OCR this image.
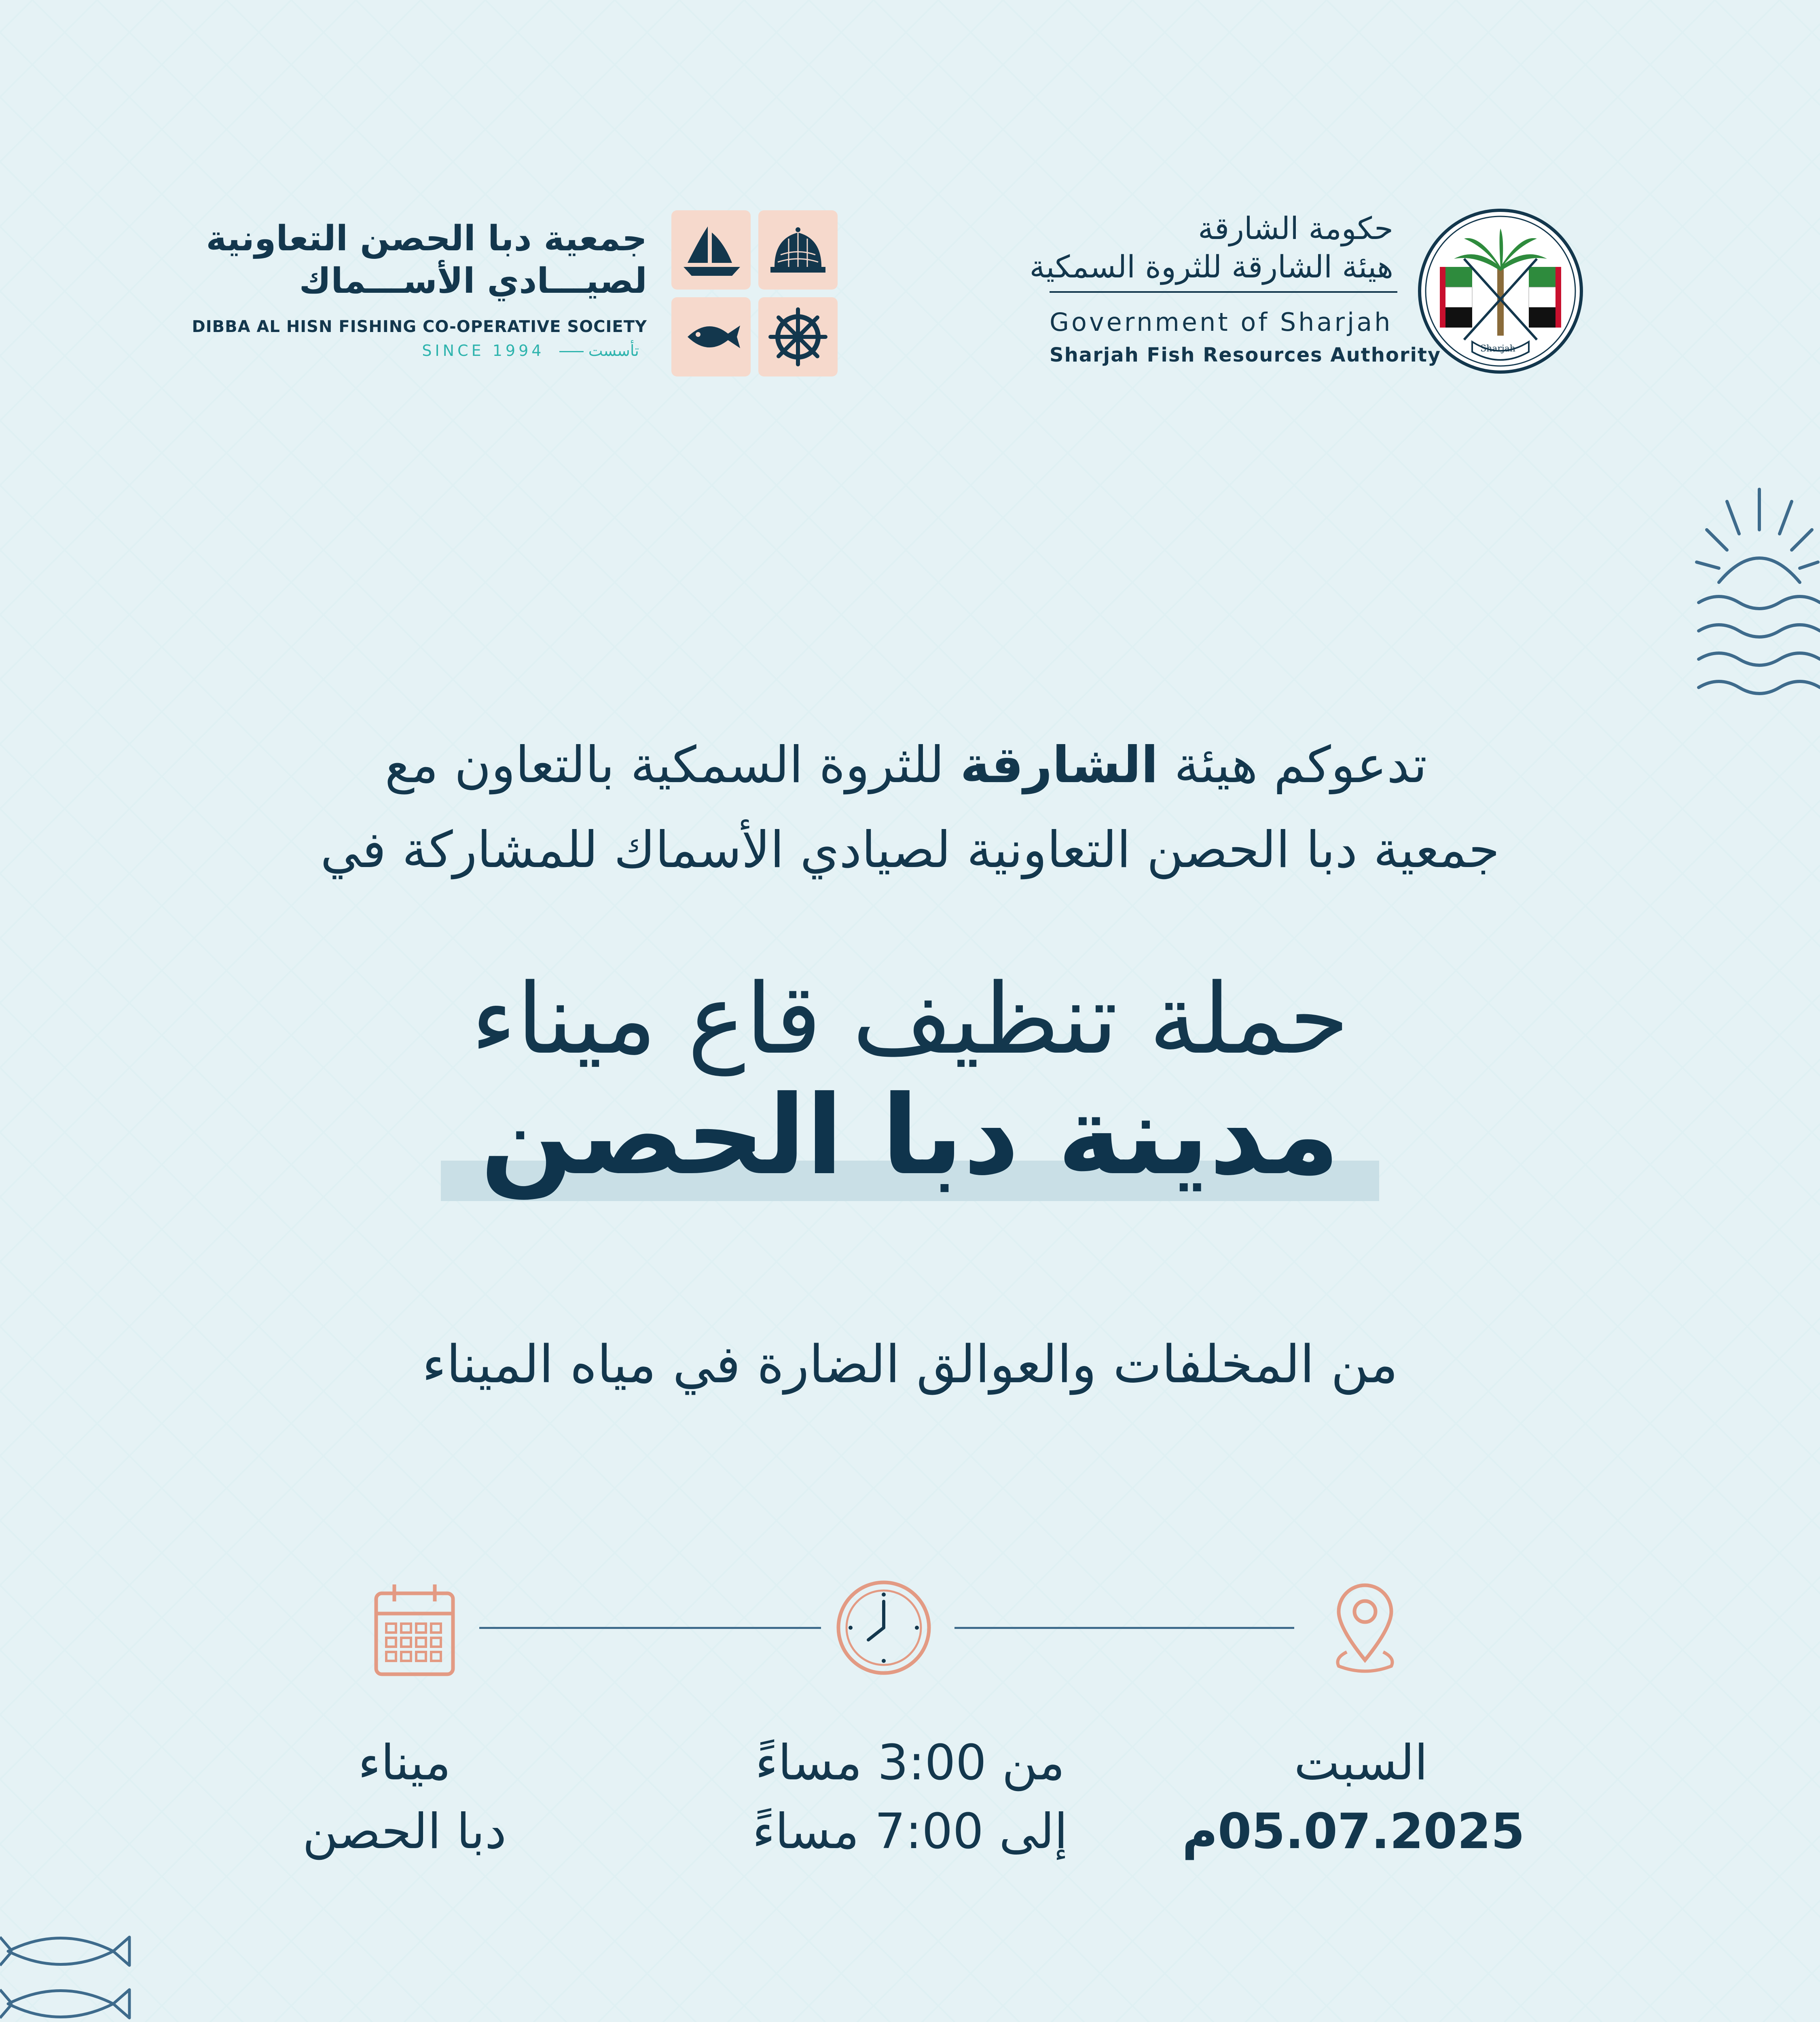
Sharjah
حكومة الشارقة
هيئة الشارقة للثروة السمكية
Government of Sharjah
Sharjah Fish Resources Authority
جمعية دبا الحصن التعاونية
لصيـــادي الأســـماك
DIBBA AL HISN FISHING CO-OPERATIVE SOCIETY
تأسست    SINCE 1994
تدعوكم هيئة الشارقة للثروة السمكية بالتعاون مع
جمعية دبا الحصن التعاونية لصيادي الأسماك للمشاركة في
حملة تنظيف قاع ميناء
مدينة دبا الحصن
من المخلفات والعوالق الضارة في مياه الميناء
السبت
05.07.2025م
من 3:00 مساءً
إلى 7:00 مساءً
ميناء
دبا الحصن
